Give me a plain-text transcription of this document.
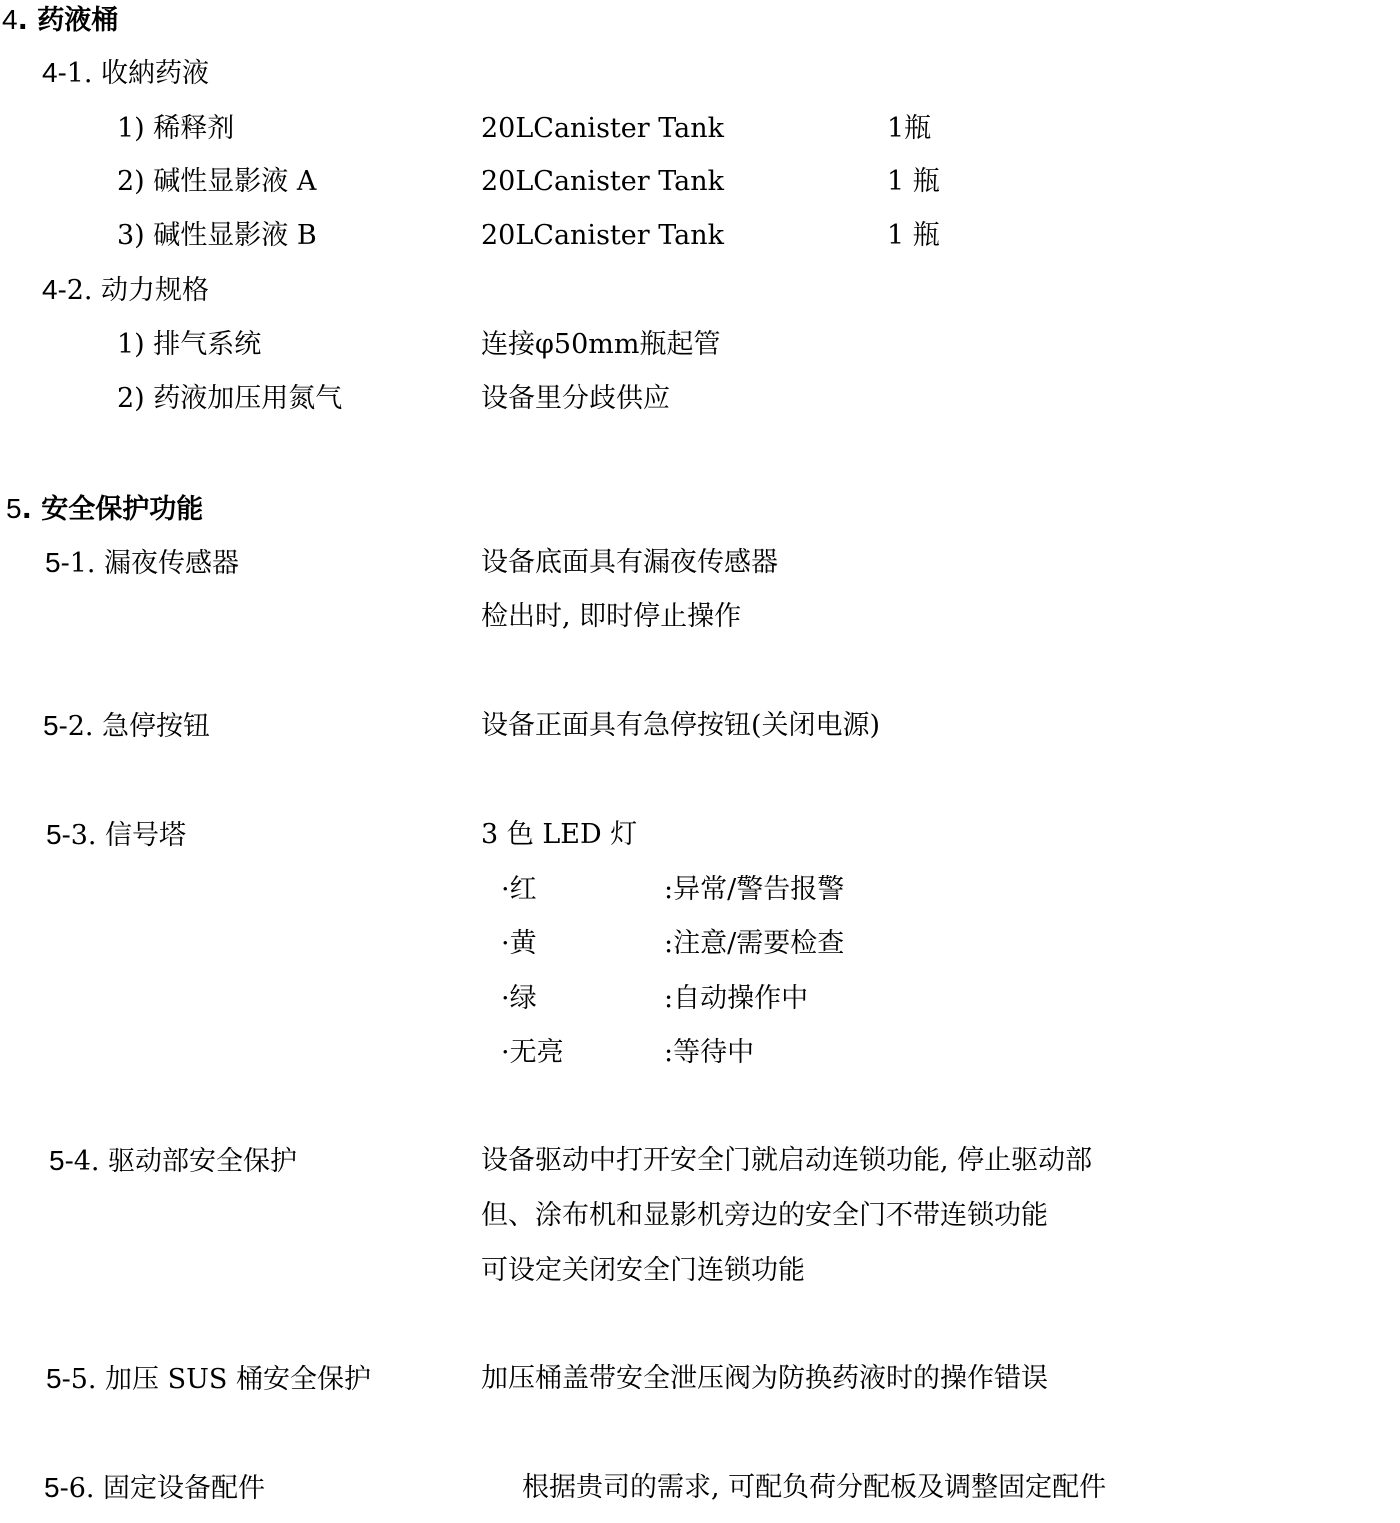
4. 药液桶
4-1. 收納药液
1) 稀释剂	20LCanister Tank	1瓶
2) 碱性显影液 A	20LCanister Tank	1 瓶
3) 碱性显影液 B	20LCanister Tank	1 瓶
4-2. 动力规格
1) 排气系统	连接φ50mm瓶起管
2) 药液加压用氮气	设备里分歧供应
5. 安全保护功能
5-1. 漏夜传感器	设备底面具有漏夜传感器
检出时, 即时停止操作
5-2. 急停按钮	设备正面具有急停按钮(关闭电源)
5-3. 信号塔	3 色 LED 灯
·红	:异常/警告报警
·黄	:注意/需要检查
·绿	:自动操作中
·无亮	:等待中
5-4. 驱动部安全保护	设备驱动中打开安全门就启动连锁功能, 停止驱动部
但、涂布机和显影机旁边的安全门不带连锁功能
可设定关闭安全门连锁功能
5-5. 加压 SUS 桶安全保护	加压桶盖带安全泄压阀为防换药液时的操作错误
5-6. 固定设备配件	根据贵司的需求, 可配负荷分配板及调整固定配件
